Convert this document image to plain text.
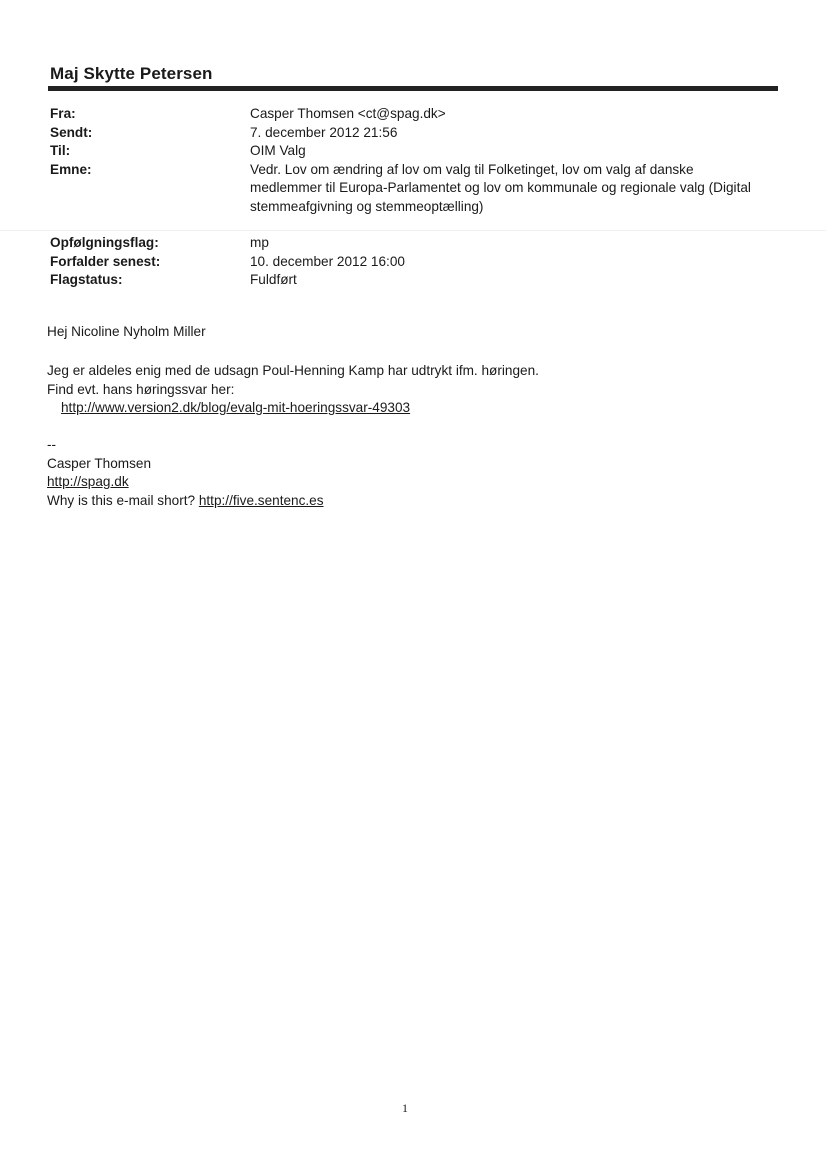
Maj Skytte Petersen
Fra:	Casper Thomsen <ct@spag.dk>
Sendt:	7. december 2012 21:56
Til:	OIM Valg
Emne:	Vedr. Lov om ændring af lov om valg til Folketinget, lov om valg af danske medlemmer til Europa-Parlamentet og lov om kommunale og regionale valg (Digital stemmeafgivning og stemmeoptælling)
Opfølgningsflag:	mp
Forfalder senest:	10. december 2012 16:00
Flagstatus:	Fuldført
Hej Nicoline Nyholm Miller
Jeg er aldeles enig med de udsagn Poul-Henning Kamp har udtrykt ifm. høringen.
Find evt. hans høringssvar her:
http://www.version2.dk/blog/evalg-mit-hoeringssvar-49303
--
Casper Thomsen
http://spag.dk
Why is this e-mail short? http://five.sentenc.es
1
